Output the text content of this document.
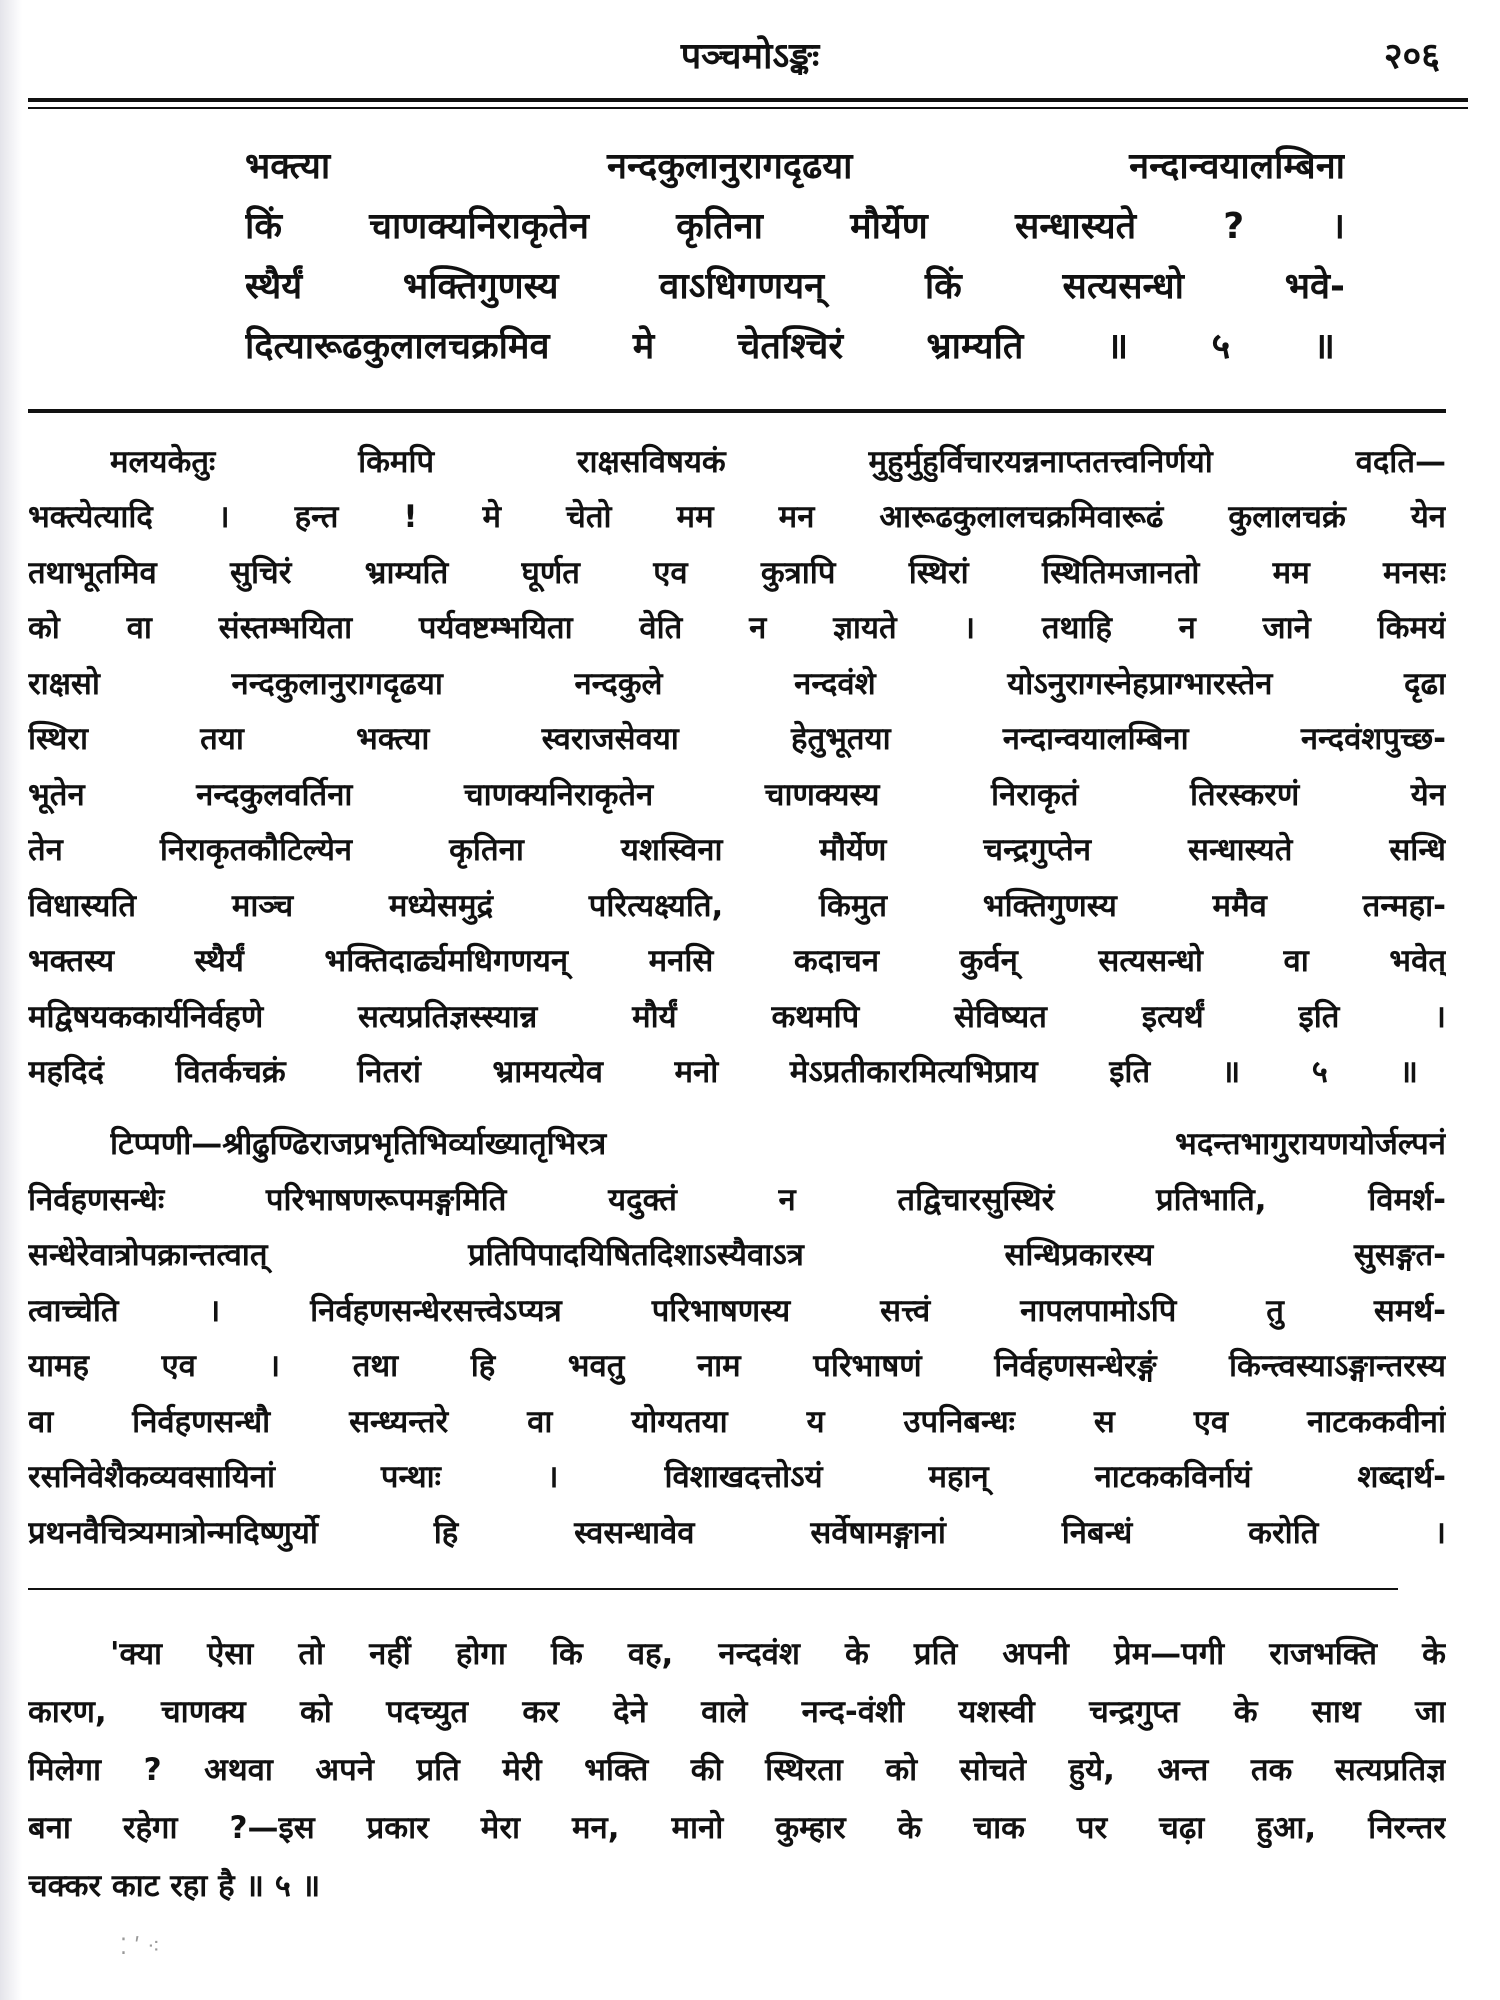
पञ्चमोऽङ्कः	२०६
भक्त्या नन्दकुलानुरागदृढया नन्दान्वयालम्बिना
किं चाणक्यनिराकृतेन कृतिना मौर्येण सन्धास्यते ? ।
स्थैर्यं भक्तिगुणस्य वाऽधिगणयन् किं सत्यसन्धो भवे-
दित्यारूढकुलालचक्रमिव मे चेतश्चिरं भ्राम्यति ॥ ५ ॥
मलयकेतुः किमपि राक्षसविषयकं मुहुर्मुहुर्विचारयन्ननाप्ततत्त्वनिर्णयो वदति—
भक्त्येत्यादि । हन्त ! मे चेतो मम मन आरूढकुलालचक्रमिवारूढं कुलालचक्रं येन
तथाभूतमिव सुचिरं भ्राम्यति घूर्णत एव कुत्रापि स्थिरां स्थितिमजानतो मम मनसः
को वा संस्तम्भयिता पर्यवष्टम्भयिता वेति न ज्ञायते । तथाहि न जाने किमयं
राक्षसो नन्दकुलानुरागदृढया नन्दकुले नन्दवंशे योऽनुरागस्नेहप्राग्भारस्तेन दृढा
स्थिरा तया भक्त्या स्वराजसेवया हेतुभूतया नन्दान्वयालम्बिना नन्दवंशपुच्छ-
भूतेन नन्दकुलवर्तिना चाणक्यनिराकृतेन चाणक्यस्य निराकृतं तिरस्करणं येन
तेन निराकृतकौटिल्येन कृतिना यशस्विना मौर्येण चन्द्रगुप्तेन सन्धास्यते सन्धि
विधास्यति माञ्च मध्येसमुद्रं परित्यक्ष्यति, किमुत भक्तिगुणस्य ममैव तन्महा-
भक्तस्य स्थैर्यं भक्तिदार्ढ्यमधिगणयन् मनसि कदाचन कुर्वन् सत्यसन्धो वा भवेत्
मद्विषयककार्यनिर्वहणे सत्यप्रतिज्ञस्स्यान्न मौर्यं कथमपि सेविष्यत इत्यर्थं इति ।
महदिदं वितर्कचक्रं नितरां भ्रामयत्येव मनो मेऽप्रतीकारमित्यभिप्राय इति ॥ ५ ॥
टिप्पणी—श्रीढुण्ढिराजप्रभृतिभिर्व्याख्यातृभिरत्र भदन्तभागुरायणयोर्जल्पनं
निर्वहणसन्धेः परिभाषणरूपमङ्गमिति यदुक्तं न तद्विचारसुस्थिरं प्रतिभाति, विमर्श-
सन्धेरेवात्रोपक्रान्तत्वात् प्रतिपिपादयिषितदिशाऽस्यैवाऽत्र सन्धिप्रकारस्य सुसङ्गत-
त्वाच्चेति । निर्वहणसन्धेरसत्त्वेऽप्यत्र परिभाषणस्य सत्त्वं नापलपामोऽपि तु समर्थ-
यामह एव । तथा हि भवतु नाम परिभाषणं निर्वहणसन्धेरङ्गं किन्त्वस्याऽङ्गान्तरस्य
वा निर्वहणसन्धौ सन्ध्यन्तरे वा योग्यतया य उपनिबन्धः स एव नाटककवीनां
रसनिवेशैकव्यवसायिनां पन्थाः । विशाखदत्तोऽयं महान् नाटककविर्नायं शब्दार्थ-
प्रथनवैचित्र्यमात्रोन्मदिष्णुर्यो हि स्वसन्धावेव सर्वेषामङ्गानां निबन्धं करोति ।
'क्या ऐसा तो नहीं होगा कि वह, नन्दवंश के प्रति अपनी प्रेम—पगी राजभक्ति के
कारण, चाणक्य को पदच्युत कर देने वाले नन्द-वंशी यशस्वी चन्द्रगुप्त के साथ जा
मिलेगा ? अथवा अपने प्रति मेरी भक्ति की स्थिरता को सोचते हुये, अन्त तक सत्यप्रतिज्ञ
बना रहेगा ?—इस प्रकार मेरा मन, मानो कुम्हार के चाक पर चढ़ा हुआ, निरन्तर
चक्कर काट रहा है ॥ ५ ॥
⁚ ʹ ⁖
